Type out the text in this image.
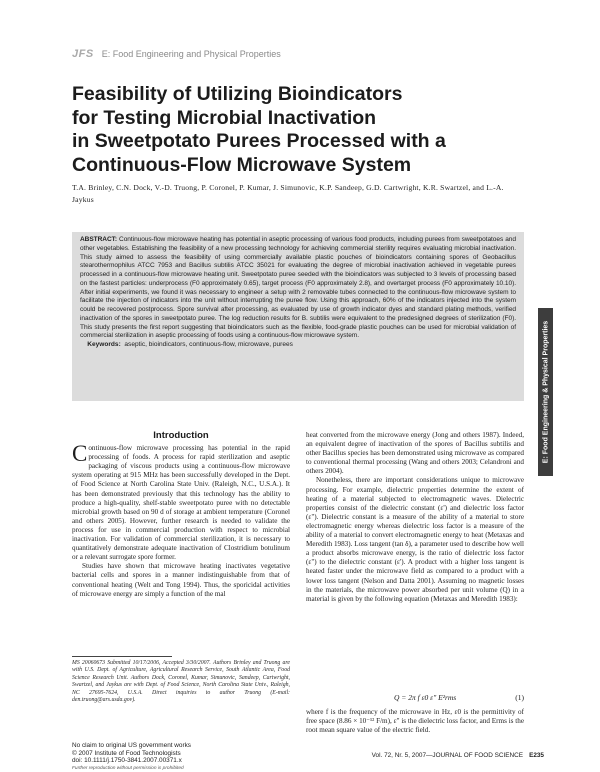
JFS E: Food Engineering and Physical Properties
Feasibility of Utilizing Bioindicators
for Testing Microbial Inactivation
in Sweetpotato Purees Processed with a
Continuous-Flow Microwave System

T.A. Brinley, C.N. Dock, V.-D. Truong, P. Coronel, P. Kumar, J. Simunovic, K.P. Sandeep, G.D. Cartwright, K.R. Swartzel, and L.-A. Jaykus

ABSTRACT: Continuous-flow microwave heating has potential in aseptic processing of various food products, including purees from sweetpotatoes and other vegetables. Establishing the feasibility of a new processing technology for achieving commercial sterility requires evaluating microbial inactivation. This study aimed to assess the feasibility of using commercially available plastic pouches of bioindicators containing spores of Geobacillus stearothermophilus ATCC 7953 and Bacillus subtilis ATCC 35021 for evaluating the degree of microbial inactivation achieved in vegetable purees processed in a continuous-flow microwave heating unit. Sweetpotato puree seeded with the bioindicators was subjected to 3 levels of processing based on the fastest particles: underprocess (F0 approximately 0.65), target process (F0 approximately 2.8), and overtarget process (F0 approximately 10.10). After initial experiments, we found it was necessary to engineer a setup with 2 removable tubes connected to the continuous-flow microwave system to facilitate the injection of indicators into the unit without interrupting the puree flow. Using this approach, 60% of the indicators injected into the system could be recovered postprocess. Spore survival after processing, as evaluated by use of growth indicator dyes and standard plating methods, verified inactivation of the spores in sweetpotato puree. The log reduction results for B. subtilis were equivalent to the predesigned degrees of sterilization (F0). This study presents the first report suggesting that bioindicators such as the flexible, food-grade plastic pouches can be used for microbial validation of commercial sterilization in aseptic processing of foods using a continuous-flow microwave system.

Keywords: aseptic, bioindicators, continuous-flow, microwave, purees	E: Food Engineering & Physical Properties
Introduction

Continuous-flow microwave processing has potential in the rapid processing of foods. A process for rapid sterilization and aseptic packaging of viscous products using a continuous-flow microwave system operating at 915 MHz has been successfully developed in the Dept. of Food Science at North Carolina State Univ. (Raleigh, N.C., U.S.A.). It has been demonstrated previously that this technology has the ability to produce a high-quality, shelf-stable sweetpotato puree with no detectable microbial growth based on 90 d of storage at ambient temperature (Coronel and others 2005). However, further research is needed to validate the process for use in commercial production with respect to microbial inactivation. For validation of commercial sterilization, it is necessary to quantitatively demonstrate adequate inactivation of Clostridium botulinum or a relevant surrogate spore former.

Studies have shown that microwave heating inactivates vegetative bacterial cells and spores in a manner indistinguishable from that of conventional heating (Welt and Tong 1994). Thus, the sporicidal activities of microwave energy are simply a function of the mal

MS 20060673 Submitted 10/17/2006, Accepted 3/30/2007. Authors Brinley and Truong are with U.S. Dept. of Agriculture, Agricultural Research Service, South Atlantic Area, Food Science Research Unit. Authors Dock, Coronel, Kumar, Simunovic, Sandeep, Cartwright, Swartzel, and Jaykus are with Dept. of Food Science, North Carolina State Univ., Raleigh, NC 27695-7624, U.S.A. Direct inquiries to author Truong (E-mail: den.truong@ars.usda.gov).

heat converted from the microwave energy (Jong and others 1987). Indeed, an equivalent degree of inactivation of the spores of Bacillus subtilis and other Bacillus species has been demonstrated using microwave as compared to conventional thermal processing (Wang and others 2003; Celandroni and others 2004).

Nonetheless, there are important considerations unique to microwave processing. For example, dielectric properties determine the extent of heating of a material subjected to electromagnetic waves. Dielectric properties consist of the dielectric constant (ε') and dielectric loss factor (ε"). Dielectric constant is a measure of the ability of a material to store electromagnetic energy whereas dielectric loss factor is a measure of the ability of a material to convert electromagnetic energy to heat (Metaxas and Meredith 1983). Loss tangent (tan δ), a parameter used to describe how well a product absorbs microwave energy, is the ratio of dielectric loss factor (ε") to the dielectric constant (ε'). A product with a higher loss tangent is heated faster under the microwave field as compared to a product with a lower loss tangent (Nelson and Datta 2001). Assuming no magnetic losses in the materials, the microwave power absorbed per unit volume (Q) in a material is given by the following equation (Metaxas and Meredith 1983):

Q = 2π f ε0 ε" E²rms	(1)

where f is the frequency of the microwave in Hz, ε0 is the permittivity of free space (8.86 × 10⁻¹² F/m), ε" is the dielectric loss factor, and Erms is the root mean square value of the electric field.

No claim to original US government works
© 2007 Institute of Food Technologists
doi: 10.1111/j.1750-3841.2007.00371.x
Further reproduction without permission is prohibited
Vol. 72, Nr. 5, 2007—JOURNAL OF FOOD SCIENCE E235
